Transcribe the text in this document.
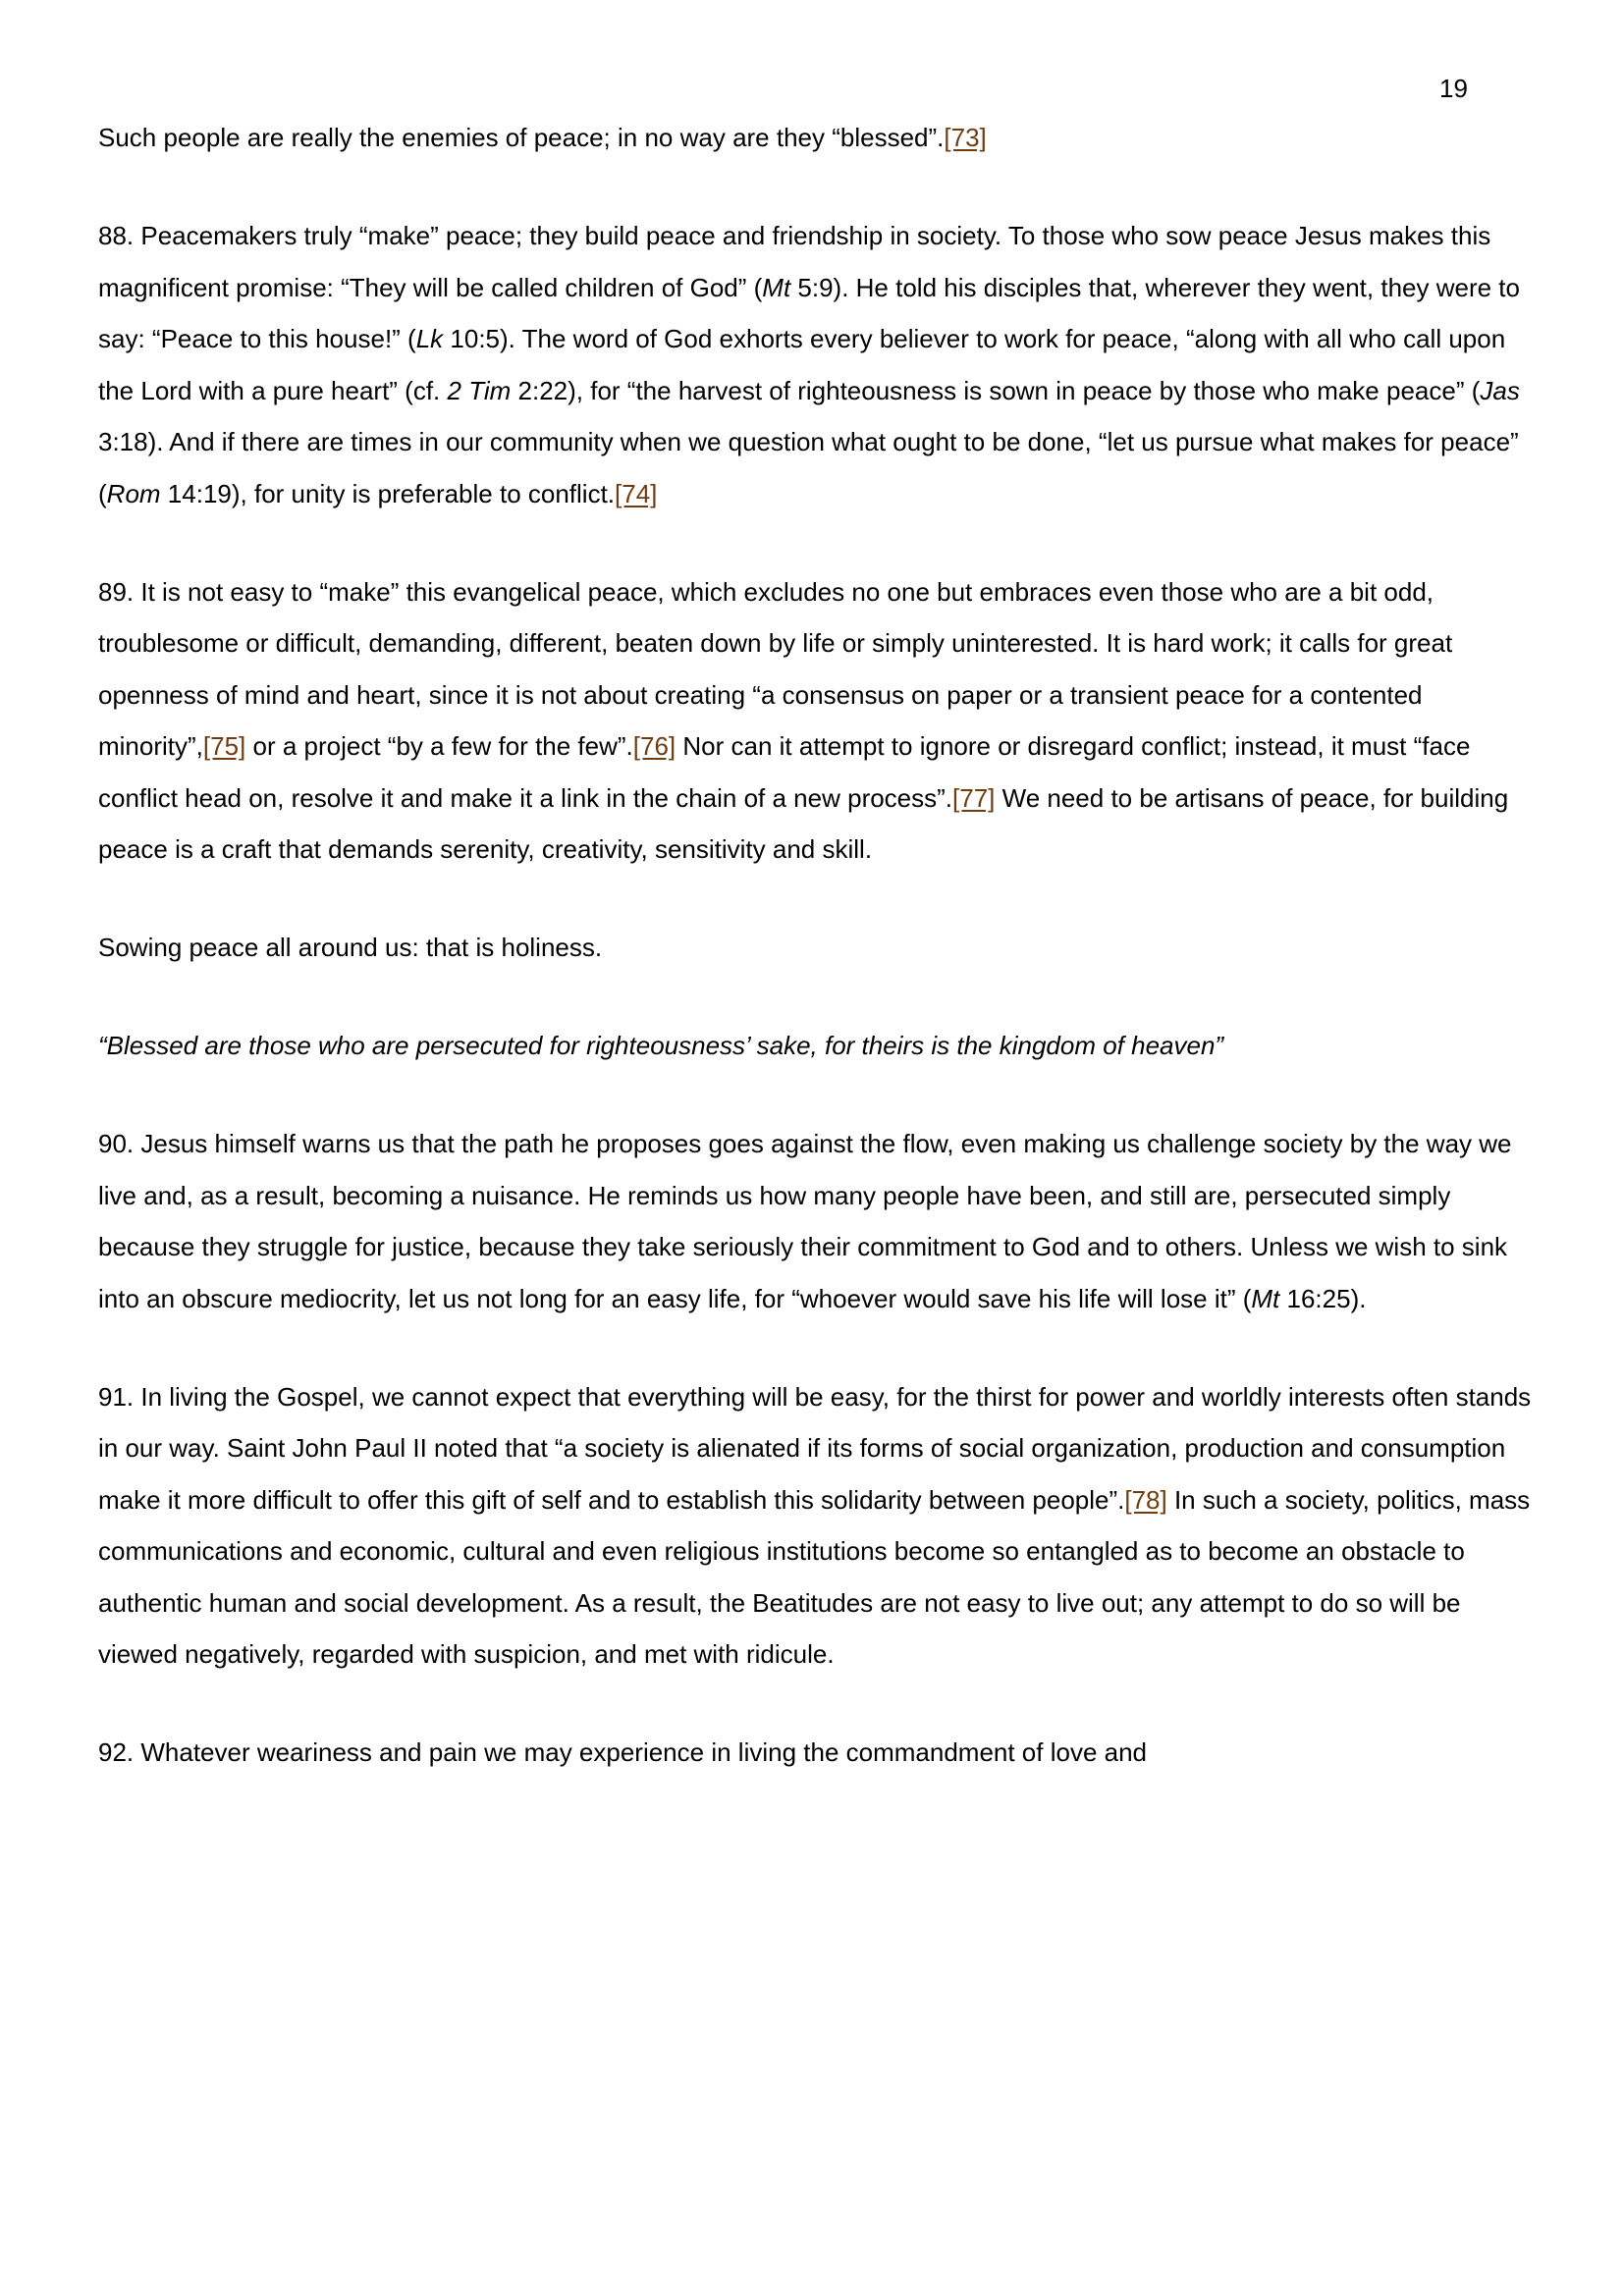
19

Such people are really the enemies of peace; in no way are they “blessed”.[73]

88. Peacemakers truly “make” peace; they build peace and friendship in society. To those who sow peace Jesus makes this magnificent promise: “They will be called children of God” (Mt 5:9). He told his disciples that, wherever they went, they were to say: “Peace to this house!” (Lk 10:5). The word of God exhorts every believer to work for peace, “along with all who call upon the Lord with a pure heart” (cf. 2 Tim 2:22), for “the harvest of righteousness is sown in peace by those who make peace” (Jas 3:18). And if there are times in our community when we question what ought to be done, “let us pursue what makes for peace” (Rom 14:19), for unity is preferable to conflict.[74]

89. It is not easy to “make” this evangelical peace, which excludes no one but embraces even those who are a bit odd, troublesome or difficult, demanding, different, beaten down by life or simply uninterested. It is hard work; it calls for great openness of mind and heart, since it is not about creating “a consensus on paper or a transient peace for a contented minority”,[75] or a project “by a few for the few”.[76] Nor can it attempt to ignore or disregard conflict; instead, it must “face conflict head on, resolve it and make it a link in the chain of a new process”.[77] We need to be artisans of peace, for building peace is a craft that demands serenity, creativity, sensitivity and skill.

Sowing peace all around us: that is holiness.

“Blessed are those who are persecuted for righteousness’ sake, for theirs is the kingdom of heaven”

90. Jesus himself warns us that the path he proposes goes against the flow, even making us challenge society by the way we live and, as a result, becoming a nuisance. He reminds us how many people have been, and still are, persecuted simply because they struggle for justice, because they take seriously their commitment to God and to others. Unless we wish to sink into an obscure mediocrity, let us not long for an easy life, for “whoever would save his life will lose it” (Mt 16:25).

91. In living the Gospel, we cannot expect that everything will be easy, for the thirst for power and worldly interests often stands in our way. Saint John Paul II noted that “a society is alienated if its forms of social organization, production and consumption make it more difficult to offer this gift of self and to establish this solidarity between people”.[78] In such a society, politics, mass communications and economic, cultural and even religious institutions become so entangled as to become an obstacle to authentic human and social development. As a result, the Beatitudes are not easy to live out; any attempt to do so will be viewed negatively, regarded with suspicion, and met with ridicule.

92. Whatever weariness and pain we may experience in living the commandment of love and
